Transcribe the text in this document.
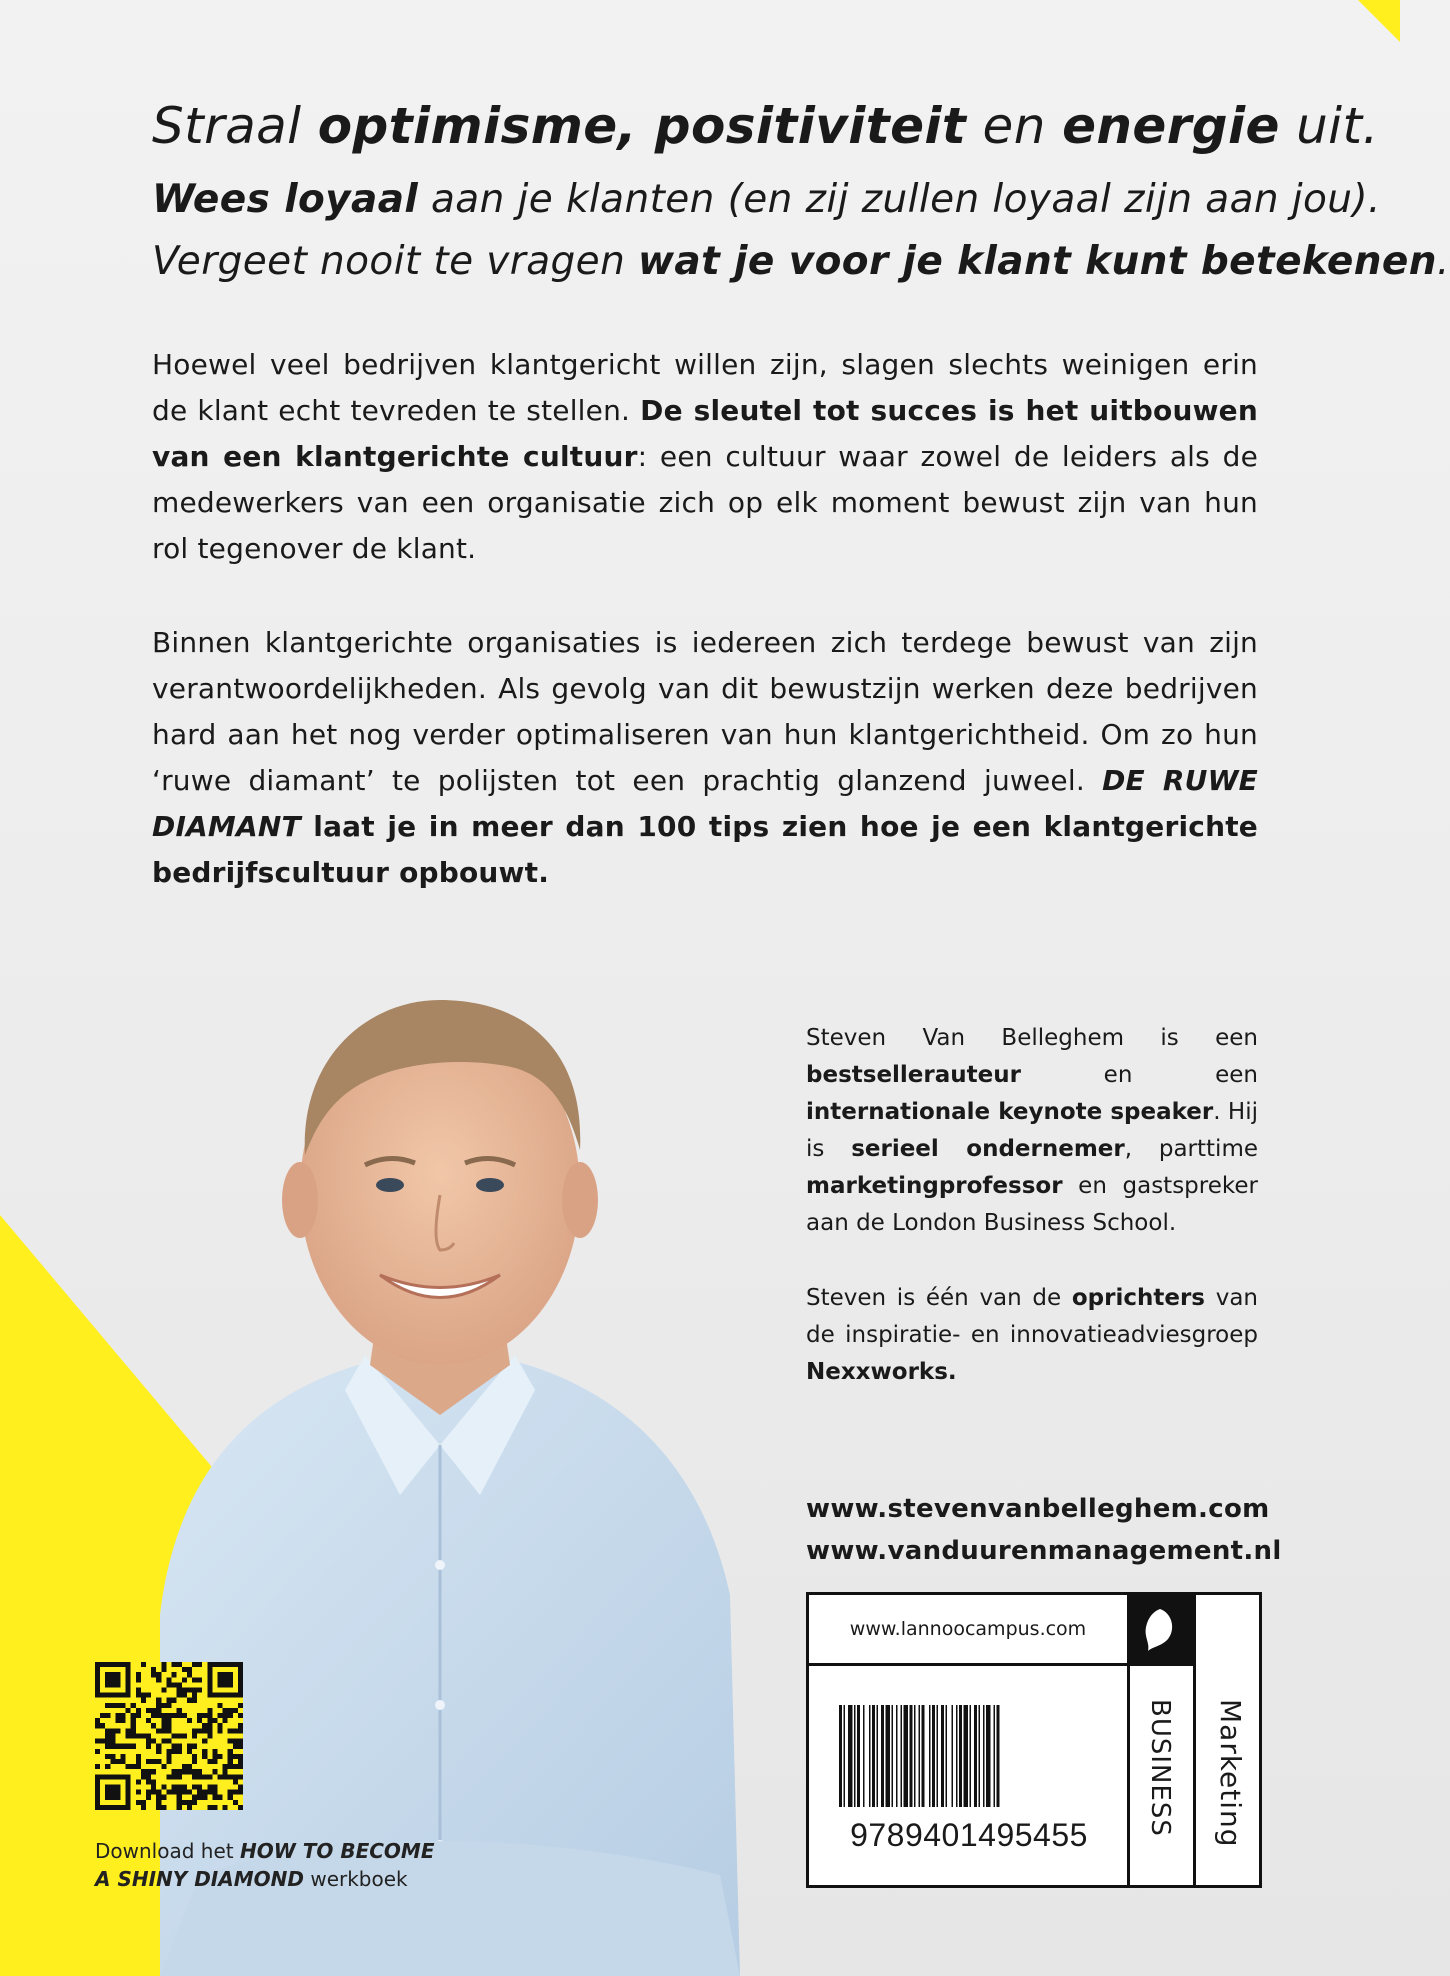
Straal optimisme, positiviteit en energie uit.
Wees loyaal aan je klanten (en zij zullen loyaal zijn aan jou).
Vergeet nooit te vragen wat je voor je klant kunt betekenen.

Hoewel veel bedrijven klantgericht willen zijn, slagen slechts weinigen erin de klant echt tevreden te stellen. De sleutel tot succes is het uitbouwen van een klantgerichte cultuur: een cultuur waar zowel de leiders als de medewerkers van een organisatie zich op elk moment bewust zijn van hun rol tegenover de klant.

Binnen klantgerichte organisaties is iedereen zich terdege bewust van zijn verantwoordelijkheden. Als gevolg van dit bewustzijn werken deze bedrijven hard aan het nog verder optimaliseren van hun klantgerichtheid. Om zo hun ‘ruwe diamant’ te polijsten tot een prachtig glanzend juweel. DE RUWE DIAMANT laat je in meer dan 100 tips zien hoe je een klantgerichte bedrijfscultuur opbouwt.

Steven Van Belleghem is een bestsellerauteur en een internationale keynote speaker. Hij is serieel ondernemer, parttime marketingprofessor en gastspreker aan de London Business School.

Steven is één van de oprichters van de inspiratie- en innovatieadviesgroep Nexxworks.

www.stevenvanbelleghem.com
www.vanduurenmanagement.nl
www.lannoocampus.com
9789401495455	BUSINESS Marketing
Download het HOW TO BECOME
A SHINY DIAMOND werkboek
